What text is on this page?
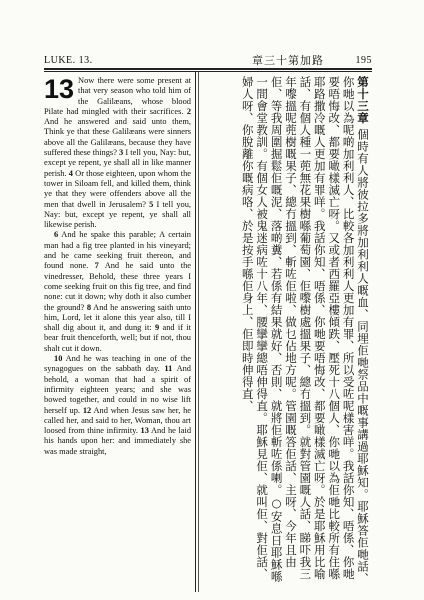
LUKE. 13.	章三十第加路	195

13 Now there were some present at that very season who told him of the Galilæans, whose blood Pilate had mingled with their sacrifices. 2 And he answered and said unto them, Think ye that these Galilæans were sinners above all the Galilæans, because they have suffered these things? 3 I tell you, Nay: but, except ye repent, ye shall all in like manner perish. 4 Or those eighteen, upon whom the tower in Siloam fell, and killed them, think ye that they were offenders above all the men that dwell in Jerusalem? 5 I tell you, Nay: but, except ye repent, ye shall all likewise perish.

6 And he spake this parable; A certain man had a fig tree planted in his vineyard; and he came seeking fruit thereon, and found none. 7 And he said unto the vinedresser, Behold, these three years I come seeking fruit on this fig tree, and find none: cut it down; why doth it also cumber the ground? 8 And he answering saith unto him, Lord, let it alone this year also, till I shall dig about it, and dung it: 9 and if it bear fruit thenceforth, well; but if not, thou shalt cut it down.

10 And he was teaching in one of the synagogues on the sabbath day. 11 And behold, a woman that had a spirit of infirmity eighteen years; and she was bowed together, and could in no wise lift herself up. 12 And when Jesus saw her, he called her, and said to her, Woman, thou art loosed from thine infirmity. 13 And he laid his hands upon her: and immediately she was made straight,

第十三章 個時有人將彼拉多將加利利人嘅血、同埋佢哋祭品中嘅事講過耶穌知。耶穌答佢哋話、你哋以為呢啲加利利人、比較各加利利人更加有罪、所以受咗呢樣害咩。我話你知、唔係、你哋要唔悔改、都要噉樣滅亡呀。又或者西羅亞樓傾跌、壓死十八個人、你哋以為佢哋比較所有住喺耶路撒冷嘅人更加有罪咩。我話你知、唔係、你哋要唔悔改、都要噉樣滅亡呀。於是耶穌用比喻話、有個人種一蔸無花果樹喺葡萄園、佢嚟樹處搵果子、總冇搵到。就對管園嘅人話、睇吓我三年嚟搵呢蔸樹嘅果子、總冇搵到、斬咗佢啦、做乜佔地方呢。管園嘅答佢話、主呀、今年且由佢、等我周圍掘鬆佢嘅泥、落啲糞、若係有結果就好、否則、就將佢斬咗係喇。○安息日耶穌喺一間會堂教訓。有個女人被鬼迷病咗十八年、腰攣攣總唔伸得直。耶穌見佢、就叫佢、對佢話、婦人呀、你脫離你嘅病咯、於是按手喺佢身上、佢即時伸得直、
